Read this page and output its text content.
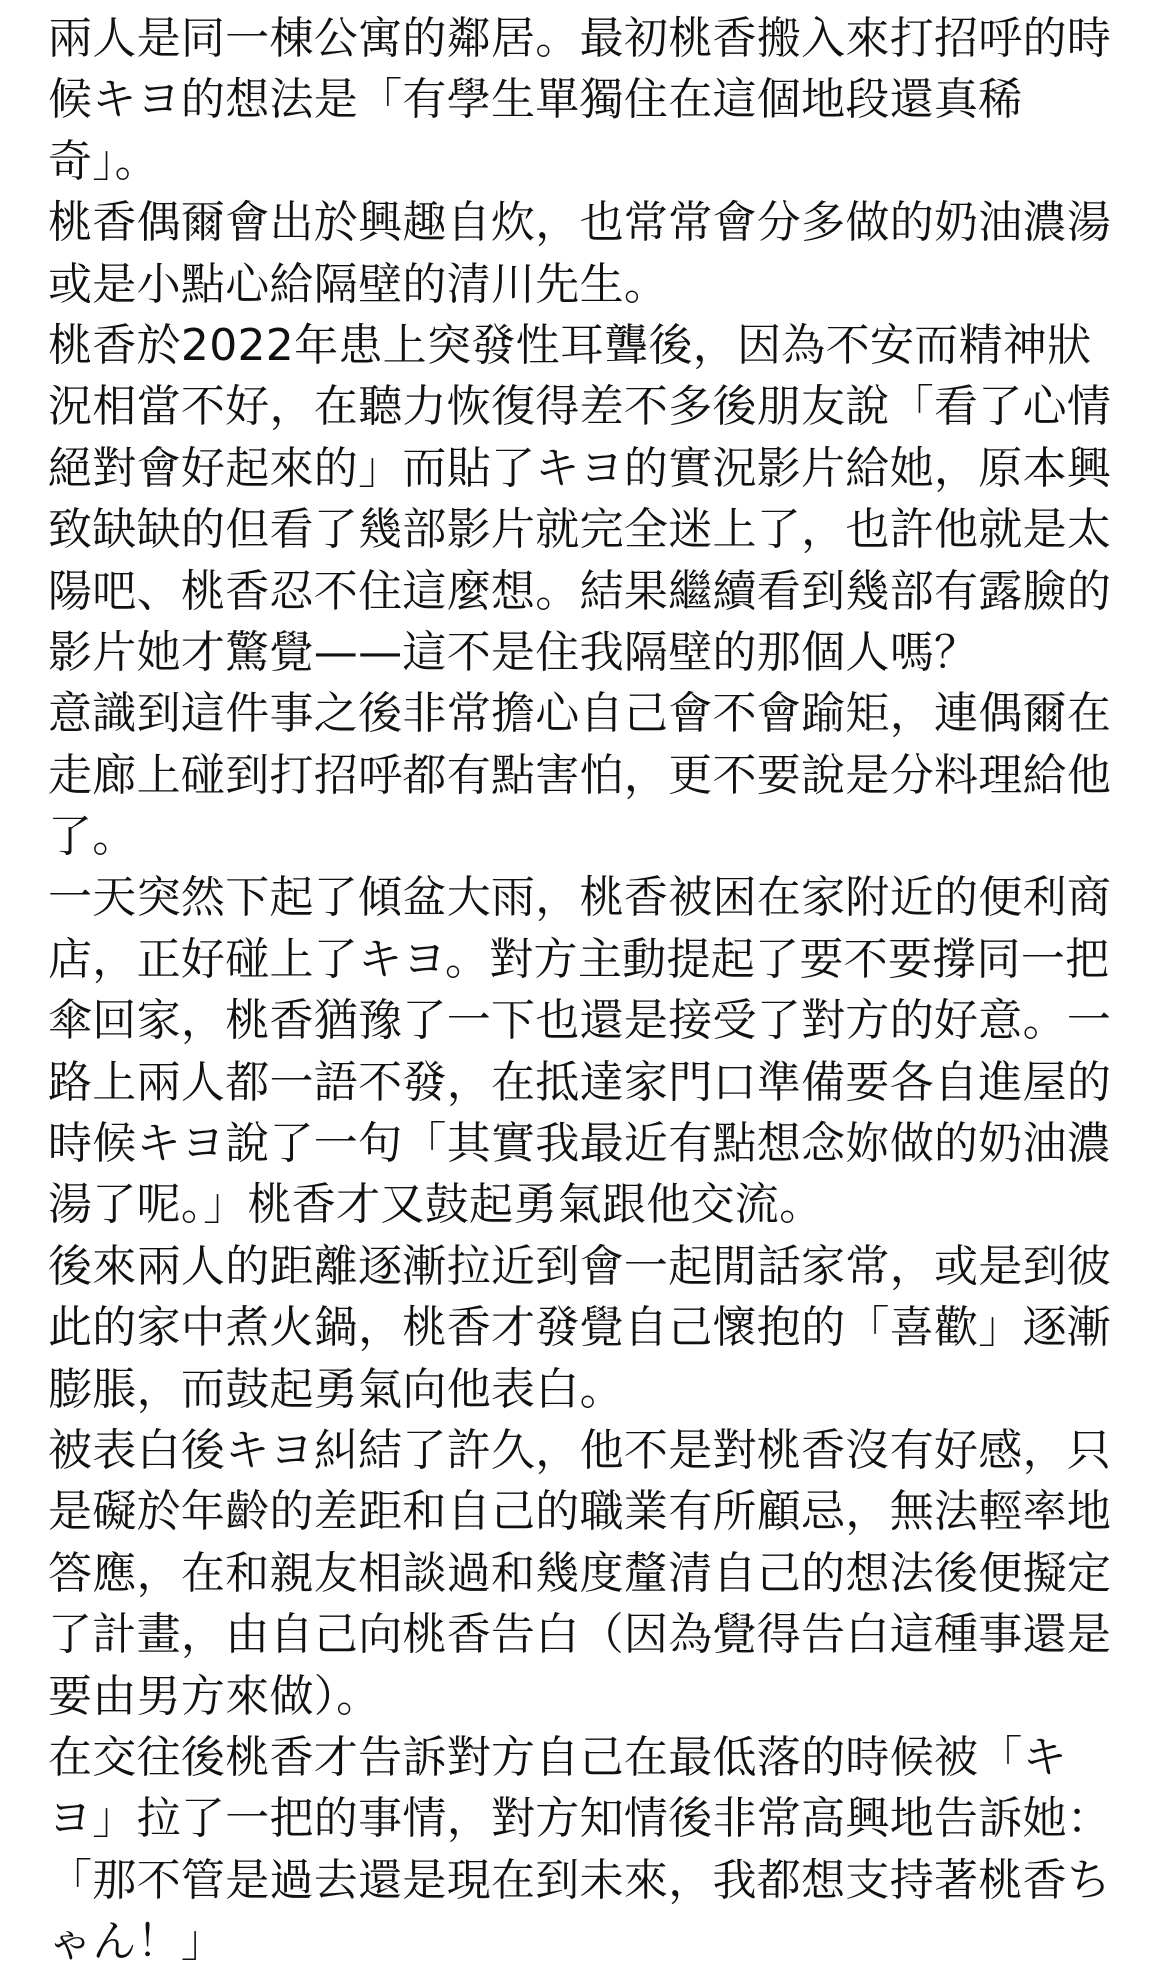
兩人是同一棟公寓的鄰居。最初桃香搬入來打招呼的時
候キヨ的想法是「有學生單獨住在這個地段還真稀
奇」。
桃香偶爾會出於興趣自炊，也常常會分多做的奶油濃湯
或是小點心給隔壁的清川先生。
桃香於2022年患上突發性耳聾後，因為不安而精神狀
況相當不好，在聽力恢復得差不多後朋友說「看了心情
絕對會好起來的」而貼了キヨ的實況影片給她，原本興
致缺缺的但看了幾部影片就完全迷上了，也許他就是太
陽吧、桃香忍不住這麼想。結果繼續看到幾部有露臉的
影片她才驚覺——這不是住我隔壁的那個人嗎？
意識到這件事之後非常擔心自己會不會踰矩，連偶爾在
走廊上碰到打招呼都有點害怕，更不要說是分料理給他
了。
一天突然下起了傾盆大雨，桃香被困在家附近的便利商
店，正好碰上了キヨ。對方主動提起了要不要撐同一把
傘回家，桃香猶豫了一下也還是接受了對方的好意。一
路上兩人都一語不發，在抵達家門口準備要各自進屋的
時候キヨ說了一句「其實我最近有點想念妳做的奶油濃
湯了呢。」桃香才又鼓起勇氣跟他交流。
後來兩人的距離逐漸拉近到會一起閒話家常，或是到彼
此的家中煮火鍋，桃香才發覺自己懷抱的「喜歡」逐漸
膨脹，而鼓起勇氣向他表白。
被表白後キヨ糾結了許久，他不是對桃香沒有好感，只
是礙於年齡的差距和自己的職業有所顧忌，無法輕率地
答應，在和親友相談過和幾度釐清自己的想法後便擬定
了計畫，由自己向桃香告白（因為覺得告白這種事還是
要由男方來做）。
在交往後桃香才告訴對方自己在最低落的時候被「キ
ヨ」拉了一把的事情，對方知情後非常高興地告訴她：
「那不管是過去還是現在到未來，我都想支持著桃香ち
ゃん！」
